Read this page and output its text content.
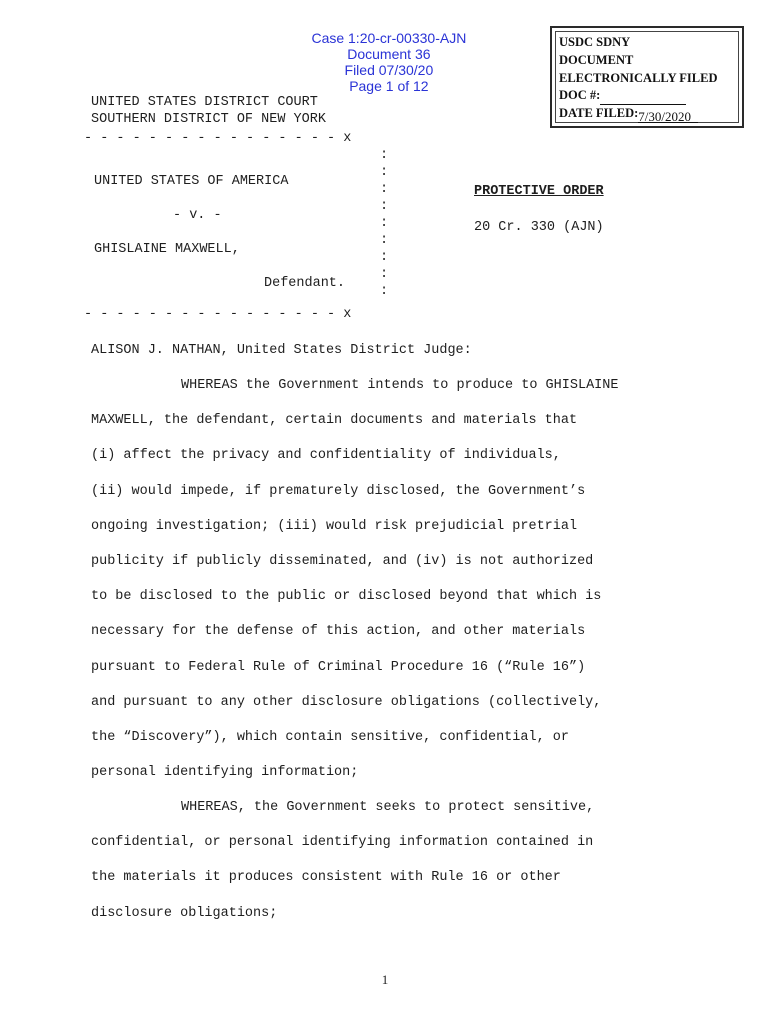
Case 1:20-cr-00330-AJN
Document 36
Filed 07/30/20
Page 1 of 12

USDC SDNY
DOCUMENT
ELECTRONICALLY FILED
DOC #:
DATE FILED:7/30/2020
UNITED STATES DISTRICT COURT
SOUTHERN DISTRICT OF NEW YORK
- - - - - - - - - - - - - - - - x
:
:
:
:
:
:
:
:
:
UNITED STATES OF AMERICA
- v. -
GHISLAINE MAXWELL,
Defendant.
- - - - - - - - - - - - - - - - x
PROTECTIVE ORDER
20 Cr. 330 (AJN)
ALISON J. NATHAN, United States District Judge:
WHEREAS the Government intends to produce to GHISLAINE
MAXWELL, the defendant, certain documents and materials that
(i) affect the privacy and confidentiality of individuals,
(ii) would impede, if prematurely disclosed, the Government’s
ongoing investigation; (iii) would risk prejudicial pretrial
publicity if publicly disseminated, and (iv) is not authorized
to be disclosed to the public or disclosed beyond that which is
necessary for the defense of this action, and other materials
pursuant to Federal Rule of Criminal Procedure 16 (“Rule 16”)
and pursuant to any other disclosure obligations (collectively,
the “Discovery”), which contain sensitive, confidential, or
personal identifying information;
WHEREAS, the Government seeks to protect sensitive,
confidential, or personal identifying information contained in
the materials it produces consistent with Rule 16 or other
disclosure obligations;
1
